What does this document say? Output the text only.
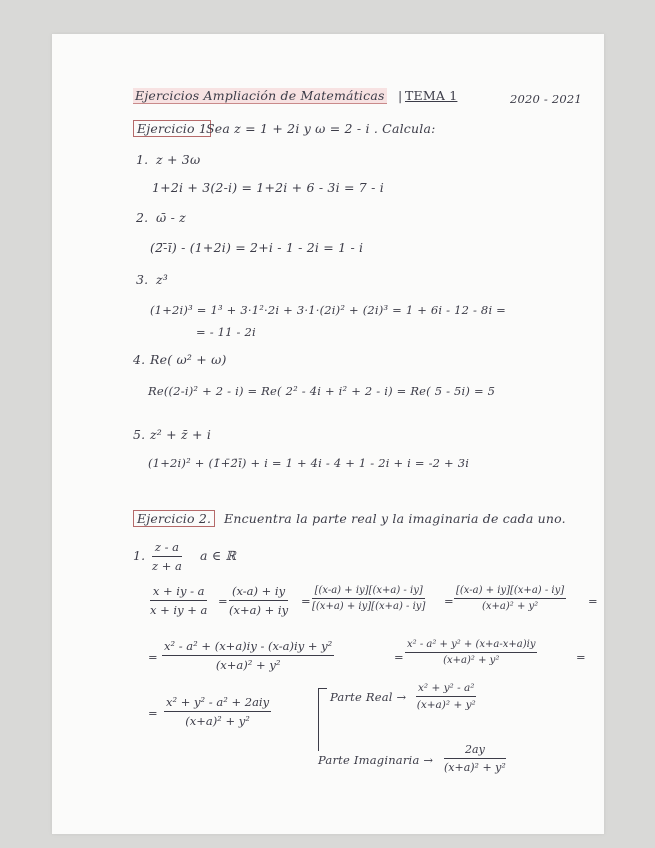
Ejercicios Ampliación de Matemáticas | TEMA 1	2020 - 2021
Ejercicio 1
Sea z = 1 + 2i y ω = 2 - i . Calcula:
1. z + 3ω
1+2i + 3(2-i) = 1+2i + 6 - 3i = 7 - i
2. ω̄ - z
(2̄-̄ī) - (1+2i) = 2+i - 1 - 2i = 1 - i
3. z³
(1+2i)³ = 1³ + 3·1²·2i + 3·1·(2i)² + (2i)³ = 1 + 6i - 12 - 8i =
= - 11 - 2i
4. Re( ω² + ω)
Re((2-i)² + 2 - i) = Re( 2² - 4i + i² + 2 - i) = Re( 5 - 5i) = 5
5. z² + z̄ + i
(1+2i)² + (1̄+̄2̄ī) + i = 1 + 4i - 4 + 1 - 2i + i = -2 + 3i
Ejercicio 2.	Encuentra la parte real y la imaginaria de cada uno.
1. $\frac{z - a}{z + a}$ a ∈ ℝ
$\frac{x + iy - a}{x + iy + a} = \frac{(x-a) + iy}{(x+a) + iy} = \frac{[(x-a) + iy][(x+a) - iy]}{[(x+a) + iy][(x+a) - iy]} = \frac{[(x-a) + iy][(x+a) - iy]}{\text{(x+a)² + y²}}$ =
= $\frac{\text{x² - a² + (x+a)iy - (x-a)iy + y²}}{\text{(x+a)² + y²}}$	= $\frac{\text{x² - a² + y² + (x+a-x+a)iy}}{\text{(x+a)² + y²}}$	=
=
x² + y² - a² + 2aiy
(x+a)² + y²
Parte Real → $\frac{\text{x² + y² - a²}}{\text{(x+a)² + y²}}$
Parte Imaginaria → $\frac{2ay}{\text{(x+a)² + y²}}$
